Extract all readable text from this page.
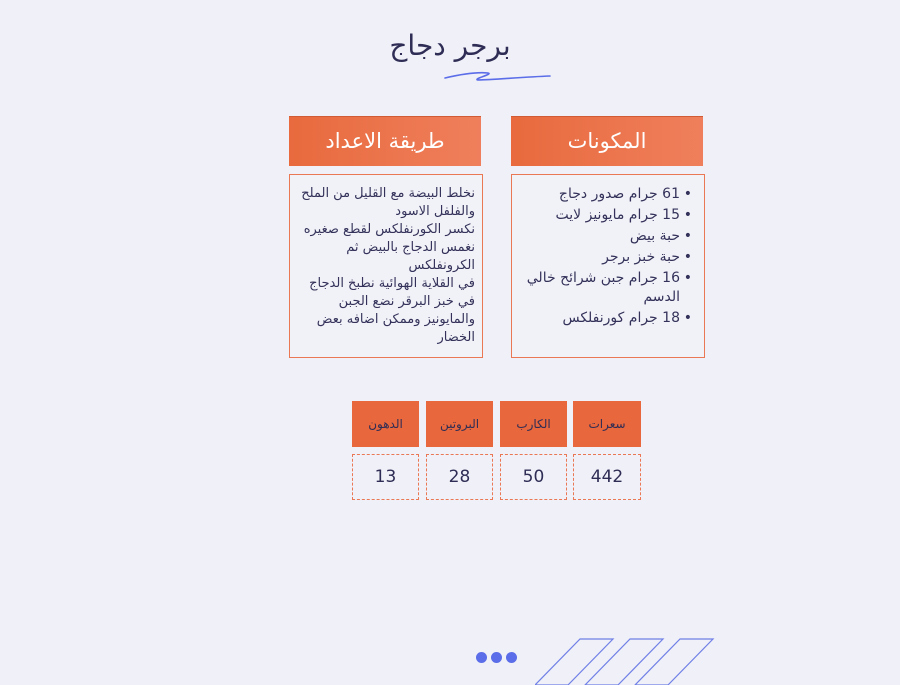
برجر دجاج
طريقة الاعداد

نخلط البيضة مع القليل من الملح والفلفل الاسود

نكسر الكورنفلكس لقطع صغيره

نغمس الدجاج بالبيض ثم الكرونفلكس

في القلاية الهوائية نطبخ الدجاج

في خبز البرقر نضع الجبن والمايونيز وممكن اضافه بعض الخضار

المكونات
• 61 جرام صدور دجاج
• 15 جرام مايونيز لايت
• حبة بيض
• حبة خبز برجر
• 16 جرام جبن شرائح خالي الدسم
• 18 جرام كورنفلكس
الدهون	البروتين	الكارب	سعرات
13	28	50	442
